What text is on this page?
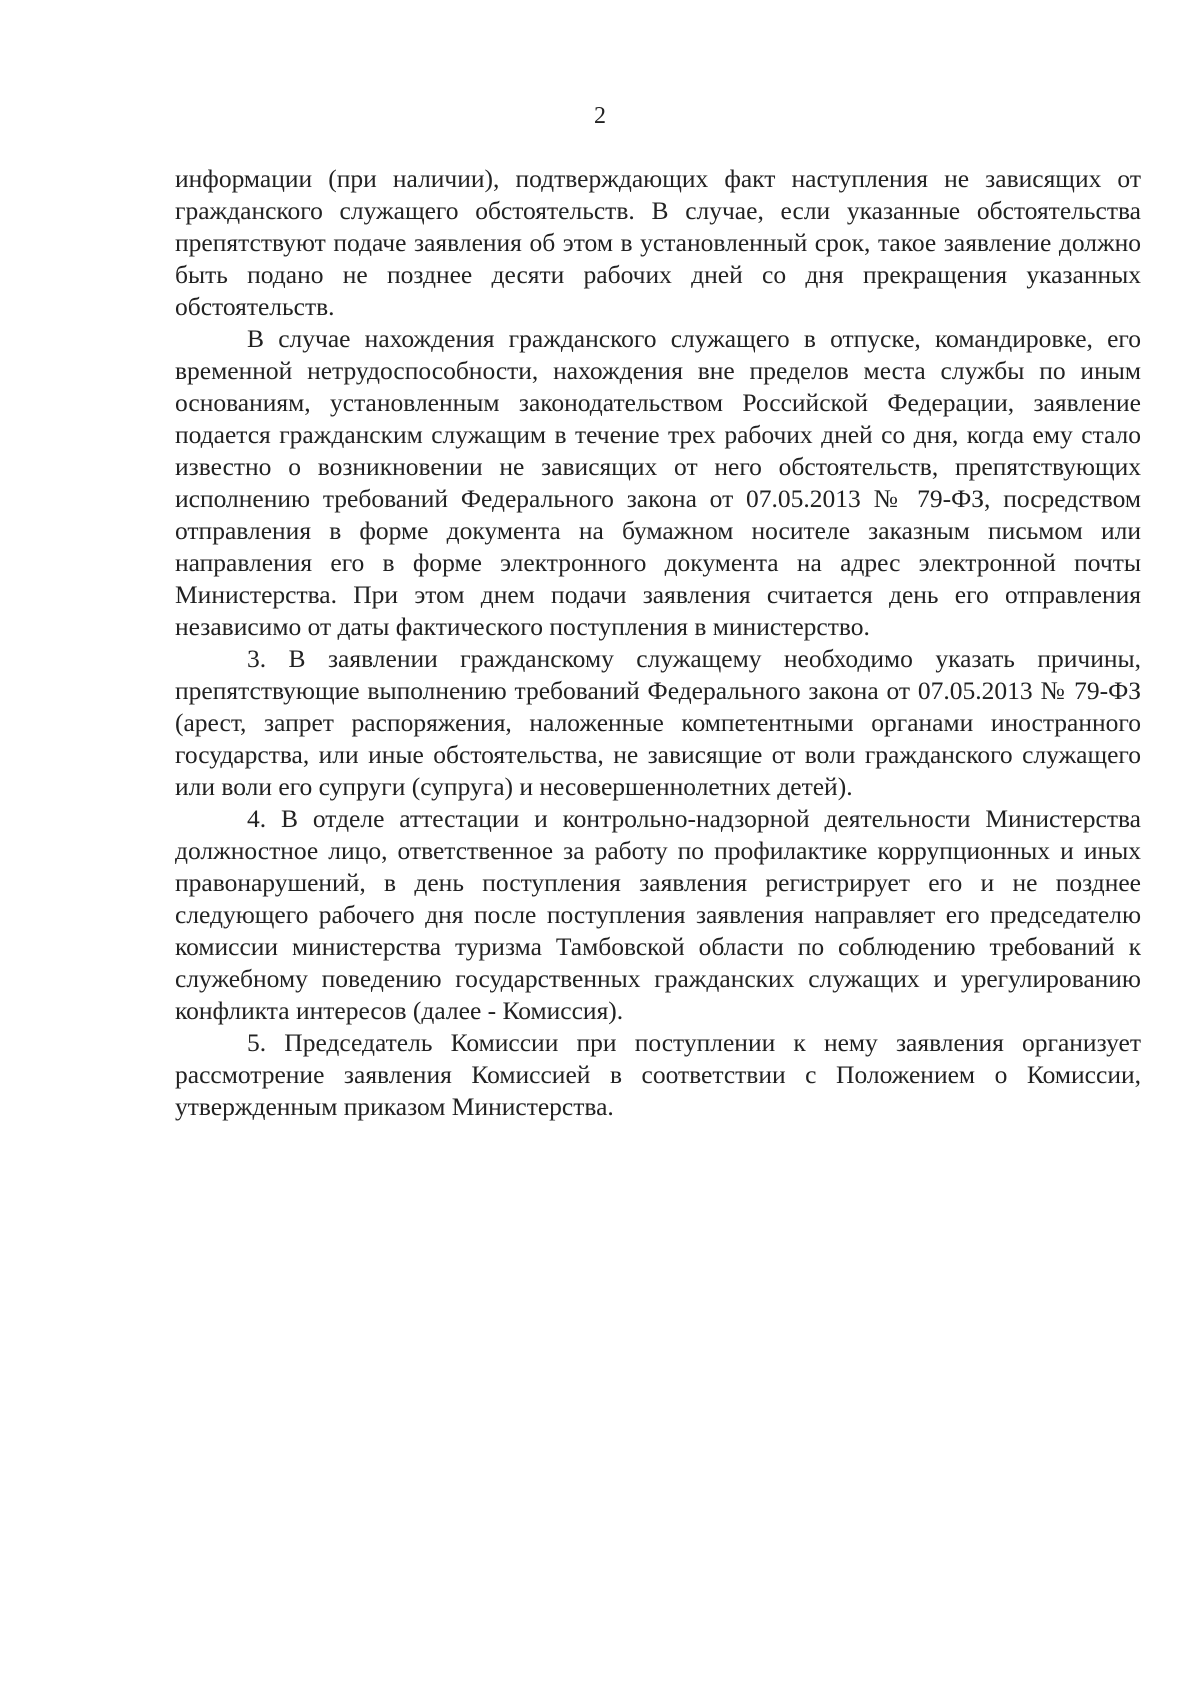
2

информации (при наличии), подтверждающих факт наступления не зависящих от гражданского служащего обстоятельств. В случае, если указанные обстоятельства препятствуют подаче заявления об этом в установленный срок, такое заявление должно быть подано не позднее десяти рабочих дней со дня прекращения указанных обстоятельств.

В случае нахождения гражданского служащего в отпуске, командировке, его временной нетрудоспособности, нахождения вне пределов места службы по иным основаниям, установленным законодательством Российской Федерации, заявление подается гражданским служащим в течение трех рабочих дней со дня, когда ему стало известно о возникновении не зависящих от него обстоятельств, препятствующих исполнению требований Федерального закона от 07.05.2013 № 79-ФЗ, посредством отправления в форме документа на бумажном носителе заказным письмом или направления его в форме электронного документа на адрес электронной почты Министерства. При этом днем подачи заявления считается день его отправления независимо от даты фактического поступления в министерство.

3. В заявлении гражданскому служащему необходимо указать причины, препятствующие выполнению требований Федерального закона от 07.05.2013 № 79-ФЗ (арест, запрет распоряжения, наложенные компетентными органами иностранного государства, или иные обстоятельства, не зависящие от воли гражданского служащего или воли его супруги (супруга) и несовершеннолетних детей).

4. В отделе аттестации и контрольно-надзорной деятельности Министерства должностное лицо, ответственное за работу по профилактике коррупционных и иных правонарушений, в день поступления заявления регистрирует его и не позднее следующего рабочего дня после поступления заявления направляет его председателю комиссии министерства туризма Тамбовской области по соблюдению требований к служебному поведению государственных гражданских служащих и урегулированию конфликта интересов (далее - Комиссия).

5. Председатель Комиссии при поступлении к нему заявления организует рассмотрение заявления Комиссией в соответствии с Положением о Комиссии, утвержденным приказом Министерства.
